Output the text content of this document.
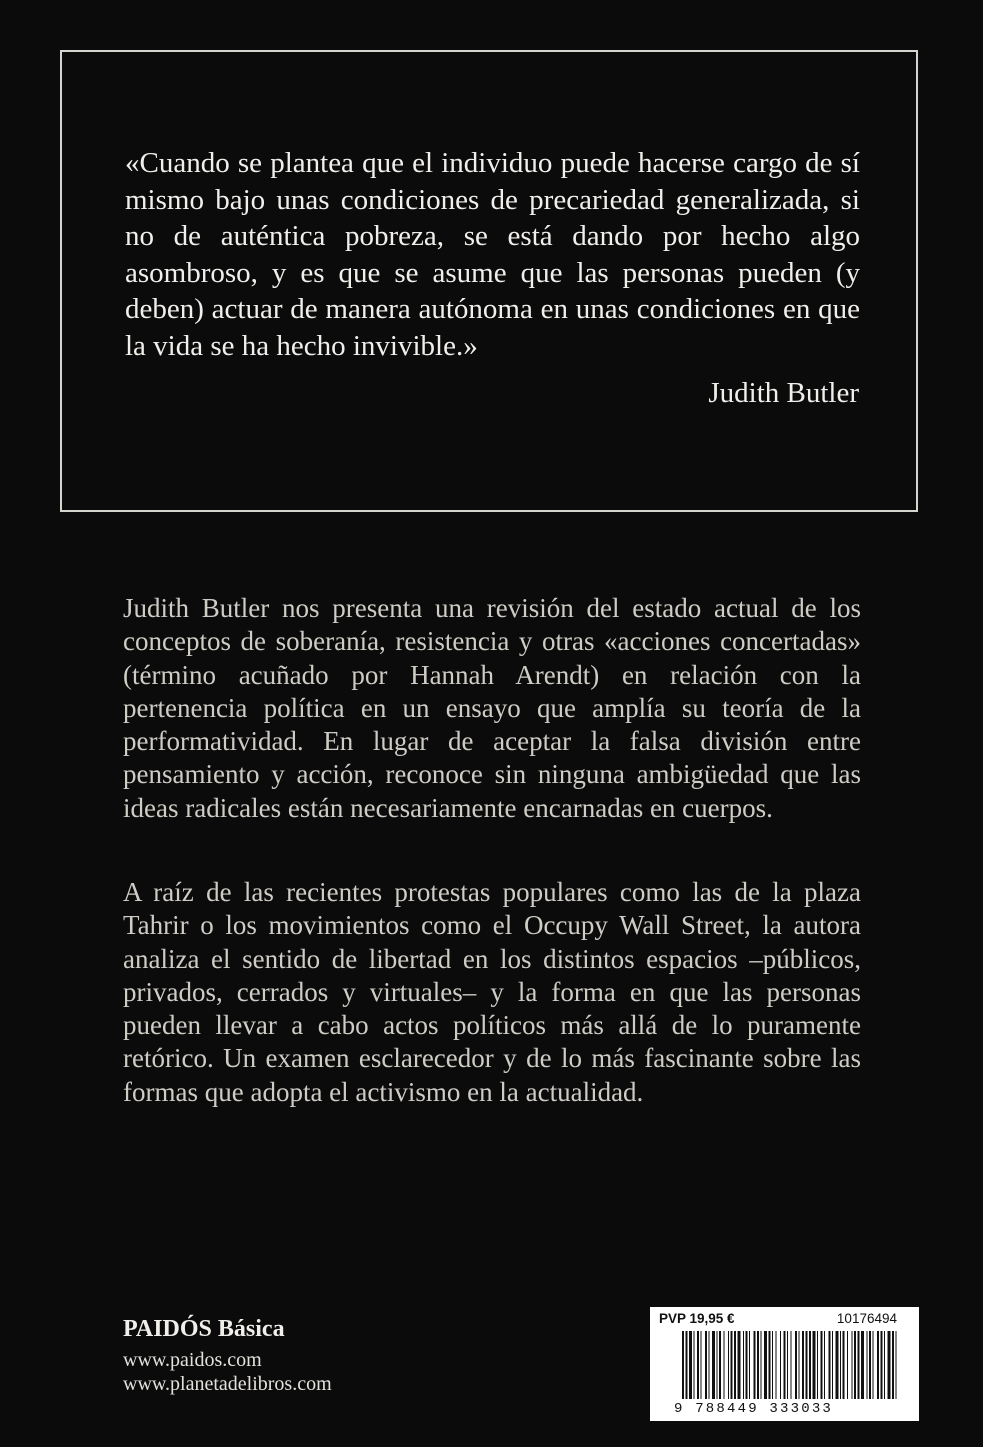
«Cuando se plantea que el individuo puede hacerse cargo de sí mismo bajo unas condiciones de precariedad generalizada, si no de auténtica pobreza, se está dando por hecho algo asombroso, y es que se asume que las personas pueden (y deben) actuar de manera autónoma en unas condiciones en que la vida se ha hecho invivible.»

Judith Butler

Judith Butler nos presenta una revisión del estado actual de los conceptos de soberanía, resistencia y otras «acciones concertadas» (término acuñado por Hannah Arendt) en relación con la pertenencia política en un ensayo que amplía su teoría de la performatividad. En lugar de aceptar la falsa división entre pensamiento y acción, reconoce sin ninguna ambigüedad que las ideas radicales están necesariamente encarnadas en cuerpos.

A raíz de las recientes protestas populares como las de la plaza Tahrir o los movimientos como el Occupy Wall Street, la autora analiza el sentido de libertad en los distintos espacios –públicos, privados, cerrados y virtuales– y la forma en que las personas pueden llevar a cabo actos políticos más allá de lo puramente retórico. Un examen esclarecedor y de lo más fascinante sobre las formas que adopta el activismo en la actualidad.

PAIDÓS Básica

www.paidos.com

www.planetadelibros.com

PVP 19,95 €	10176494
9 788449 333033
